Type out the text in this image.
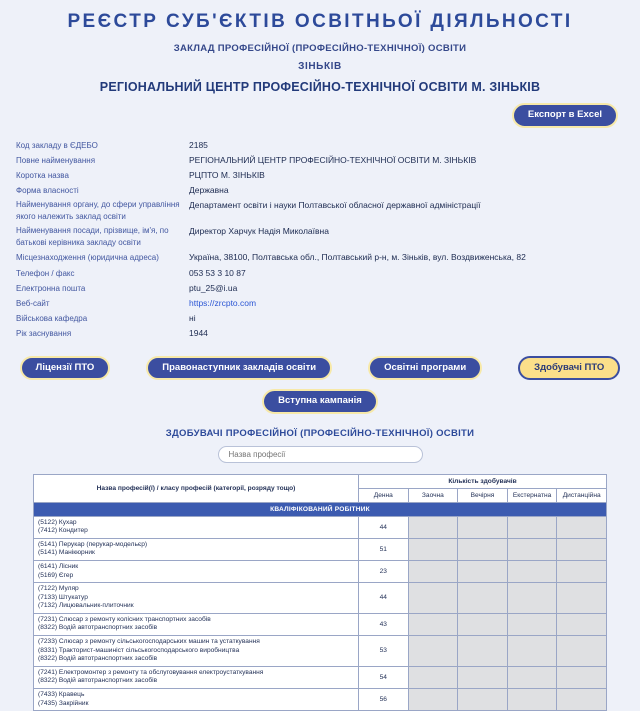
РЕЄСТР СУБ'ЄКТІВ ОСВІТНЬОЇ ДІЯЛЬНОСТІ
ЗАКЛАД ПРОФЕСІЙНОЇ (ПРОФЕСІЙНО-ТЕХНІЧНОЇ) ОСВІТИ
ЗІНЬКІВ
РЕГІОНАЛЬНИЙ ЦЕНТР ПРОФЕСІЙНО-ТЕХНІЧНОЇ ОСВІТИ М. ЗІНЬКІВ
Експорт в Excel
Код закладу в ЄДЕБО	2185
Повне найменування	РЕГІОНАЛЬНИЙ ЦЕНТР ПРОФЕСІЙНО-ТЕХНІЧНОЇ ОСВІТИ М. ЗІНЬКІВ
Коротка назва	РЦПТО М. ЗІНЬКІВ
Форма власності	Державна
Найменування органу, до сфери управління якого належить заклад освіти
Департамент освіти і науки Полтавської обласної державної адміністрації
Найменування посади, прізвище, ім'я, по батькові керівника закладу освіти
Директор Харчук Надія Миколаївна
Місцезнаходження (юридична адреса)	Україна, 38100, Полтавська обл., Полтавський р-н, м. Зіньків, вул. Воздвиженська, 82
Телефон / факс	053 53 3 10 87
Електронна пошта	ptu_25@i.ua
Веб-сайт	https://zrcpto.com
Військова кафедра	ні
Рік заснування	1944
Ліцензії ПТО	Правонаступник закладів освіти	Освітні програми	Здобувачі ПТО
Вступна кампанія
ЗДОБУВАЧІ ПРОФЕСІЙНОЇ (ПРОФЕСІЙНО-ТЕХНІЧНОЇ) ОСВІТИ
Назва професії
Назва професій(ї) / класу професій (категорії, розряду тощо)	Кількість здобувачів				
	Денна	Заочна	Вечірня	Екстернатна	Дистанційна
КВАЛІФІКОВАНИЙ РОБІТНИК					

(5122) Кухар
(7412) Кондитер	44				

(5141) Перукар (перукар-модельєр)
(5141) Манікюрник	51				

(6141) Лісник
(5169) Єгер	23				

(7122) Муляр
(7133) Штукатур
(7132) Лицювальник-плиточник	44				

(7231) Слюсар з ремонту колісних транспортних засобів
(8322) Водій автотранспортних засобів	43				

(7233) Слюсар з ремонту сільськогосподарських машин та устаткування
(8331) Тракторист-машиніст сільськогосподарського виробництва
(8322) Водій автотранспортних засобів	53				

(7241) Електромонтер з ремонту та обслуговування електроустаткування
(8322) Водій автотранспортних засобів	54				

(7433) Кравець
(7435) Закрійник	56				
